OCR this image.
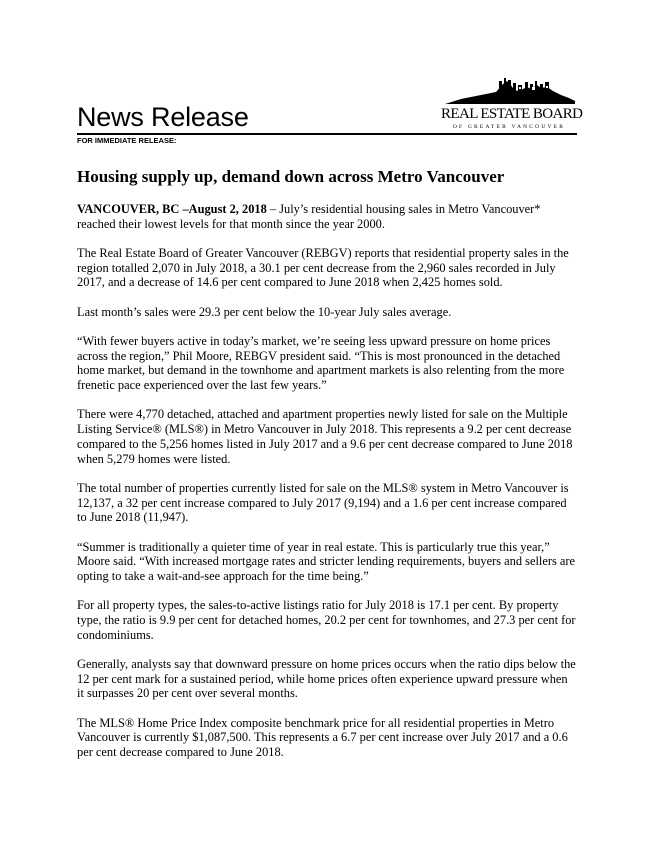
News Release	REAL ESTATE BOARD
OF GREATER VANCOUVER
FOR IMMEDIATE RELEASE:
Housing supply up, demand down across Metro Vancouver

VANCOUVER, BC –August 2, 2018 – July’s residential housing sales in Metro Vancouver* reached their lowest levels for that month since the year 2000.

The Real Estate Board of Greater Vancouver (REBGV) reports that residential property sales in the region totalled 2,070 in July 2018, a 30.1 per cent decrease from the 2,960 sales recorded in July 2017, and a decrease of 14.6 per cent compared to June 2018 when 2,425 homes sold.

Last month’s sales were 29.3 per cent below the 10-year July sales average.

“With fewer buyers active in today’s market, we’re seeing less upward pressure on home prices across the region,” Phil Moore, REBGV president said. “This is most pronounced in the detached home market, but demand in the townhome and apartment markets is also relenting from the more frenetic pace experienced over the last few years.”

There were 4,770 detached, attached and apartment properties newly listed for sale on the Multiple Listing Service® (MLS®) in Metro Vancouver in July 2018. This represents a 9.2 per cent decrease compared to the 5,256 homes listed in July 2017 and a 9.6 per cent decrease compared to June 2018 when 5,279 homes were listed.

The total number of properties currently listed for sale on the MLS® system in Metro Vancouver is 12,137, a 32 per cent increase compared to July 2017 (9,194) and a 1.6 per cent increase compared to June 2018 (11,947).

“Summer is traditionally a quieter time of year in real estate. This is particularly true this year,” Moore said. “With increased mortgage rates and stricter lending requirements, buyers and sellers are opting to take a wait-and-see approach for the time being.”

For all property types, the sales-to-active listings ratio for July 2018 is 17.1 per cent. By property type, the ratio is 9.9 per cent for detached homes, 20.2 per cent for townhomes, and 27.3 per cent for condominiums.

Generally, analysts say that downward pressure on home prices occurs when the ratio dips below the 12 per cent mark for a sustained period, while home prices often experience upward pressure when it surpasses 20 per cent over several months.

The MLS® Home Price Index composite benchmark price for all residential properties in Metro Vancouver is currently $1,087,500. This represents a 6.7 per cent increase over July 2017 and a 0.6 per cent decrease compared to June 2018.
